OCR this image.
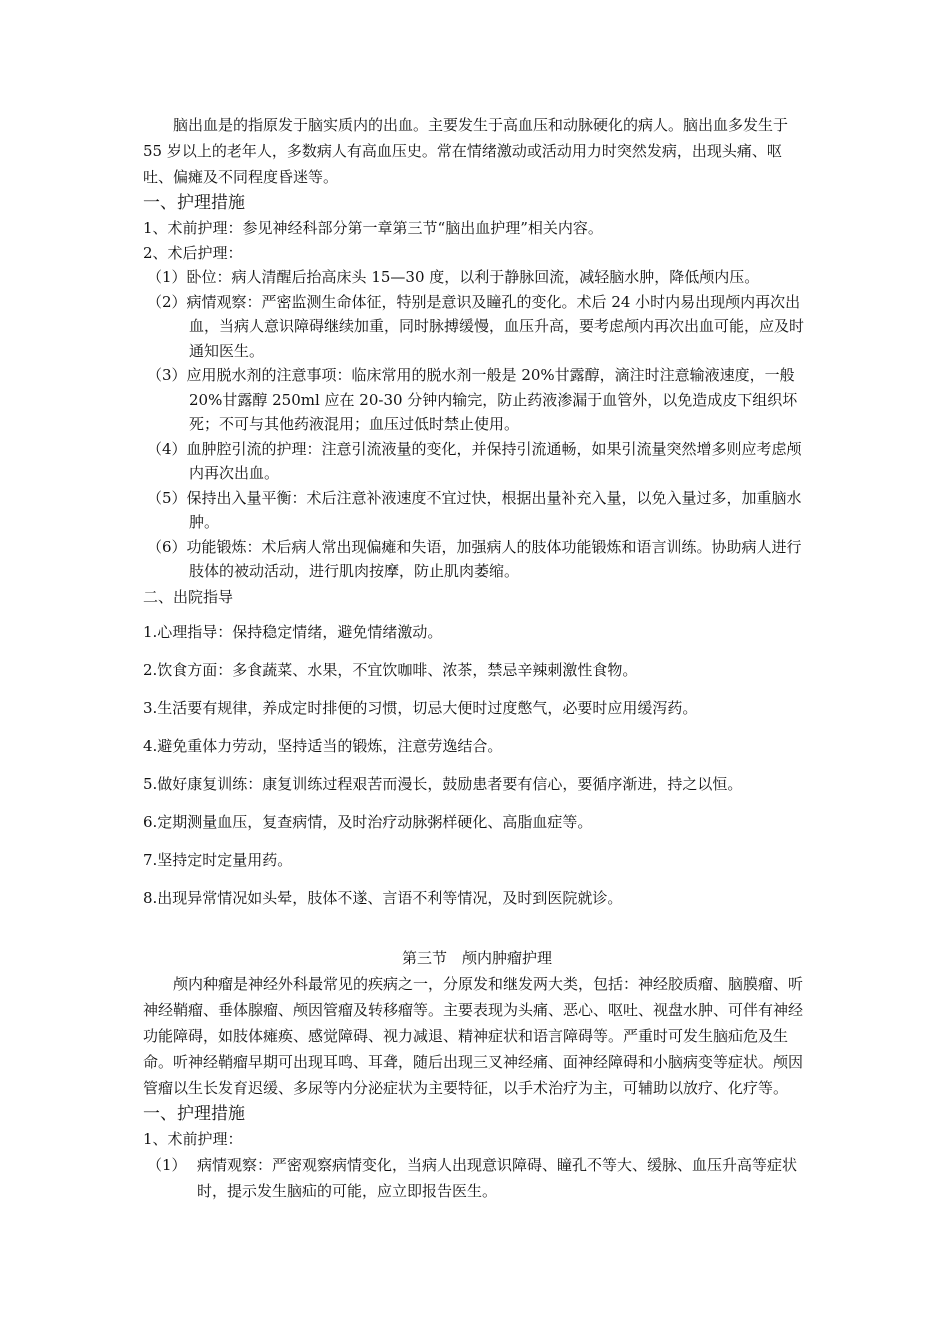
脑出血是的指原发于脑实质内的出血。主要发生于高血压和动脉硬化的病人。脑出血多发生于 55 岁以上的老年人，多数病人有高血压史。常在情绪激动或活动用力时突然发病，出现头痛、呕吐、偏瘫及不同程度昏迷等。

一、护理措施

1、术前护理：参见神经科部分第一章第三节“脑出血护理”相关内容。

2、术后护理：

（1）卧位：病人清醒后抬高床头 15—30 度，以利于静脉回流，减轻脑水肿，降低颅内压。

（2）病情观察：严密监测生命体征，特别是意识及瞳孔的变化。术后 24 小时内易出现颅内再次出血，当病人意识障碍继续加重，同时脉搏缓慢，血压升高，要考虑颅内再次出血可能，应及时通知医生。

（3）应用脱水剂的注意事项：临床常用的脱水剂一般是 20%甘露醇，滴注时注意输液速度，一般 20%甘露醇 250ml 应在 20-30 分钟内输完，防止药液渗漏于血管外，以免造成皮下组织坏死；不可与其他药液混用；血压过低时禁止使用。

（4）血肿腔引流的护理：注意引流液量的变化，并保持引流通畅，如果引流量突然增多则应考虑颅内再次出血。

（5）保持出入量平衡：术后注意补液速度不宜过快，根据出量补充入量，以免入量过多，加重脑水肿。

（6）功能锻炼：术后病人常出现偏瘫和失语，加强病人的肢体功能锻炼和语言训练。协助病人进行肢体的被动活动，进行肌肉按摩，防止肌肉萎缩。

二、出院指导

1.心理指导：保持稳定情绪，避免情绪激动。

2.饮食方面：多食蔬菜、水果，不宜饮咖啡、浓茶，禁忌辛辣刺激性食物。

3.生活要有规律，养成定时排便的习惯，切忌大便时过度憋气，必要时应用缓泻药。

4.避免重体力劳动，坚持适当的锻炼，注意劳逸结合。

5.做好康复训练：康复训练过程艰苦而漫长，鼓励患者要有信心，要循序渐进，持之以恒。

6.定期测量血压，复查病情，及时治疗动脉粥样硬化、高脂血症等。

7.坚持定时定量用药。

8.出现异常情况如头晕，肢体不遂、言语不利等情况，及时到医院就诊。

第三节　颅内肿瘤护理

颅内种瘤是神经外科最常见的疾病之一，分原发和继发两大类，包括：神经胶质瘤、脑膜瘤、听神经鞘瘤、垂体腺瘤、颅因管瘤及转移瘤等。主要表现为头痛、恶心、呕吐、视盘水肿、可伴有神经功能障碍，如肢体瘫痪、感觉障碍、视力减退、精神症状和语言障碍等。严重时可发生脑疝危及生命。听神经鞘瘤早期可出现耳鸣、耳聋，随后出现三叉神经痛、面神经障碍和小脑病变等症状。颅因管瘤以生长发育迟缓、多尿等内分泌症状为主要特征，以手术治疗为主，可辅助以放疗、化疗等。

一、护理措施

1、术前护理：

（1） 病情观察：严密观察病情变化，当病人出现意识障碍、瞳孔不等大、缓脉、血压升高等症状时，提示发生脑疝的可能，应立即报告医生。
